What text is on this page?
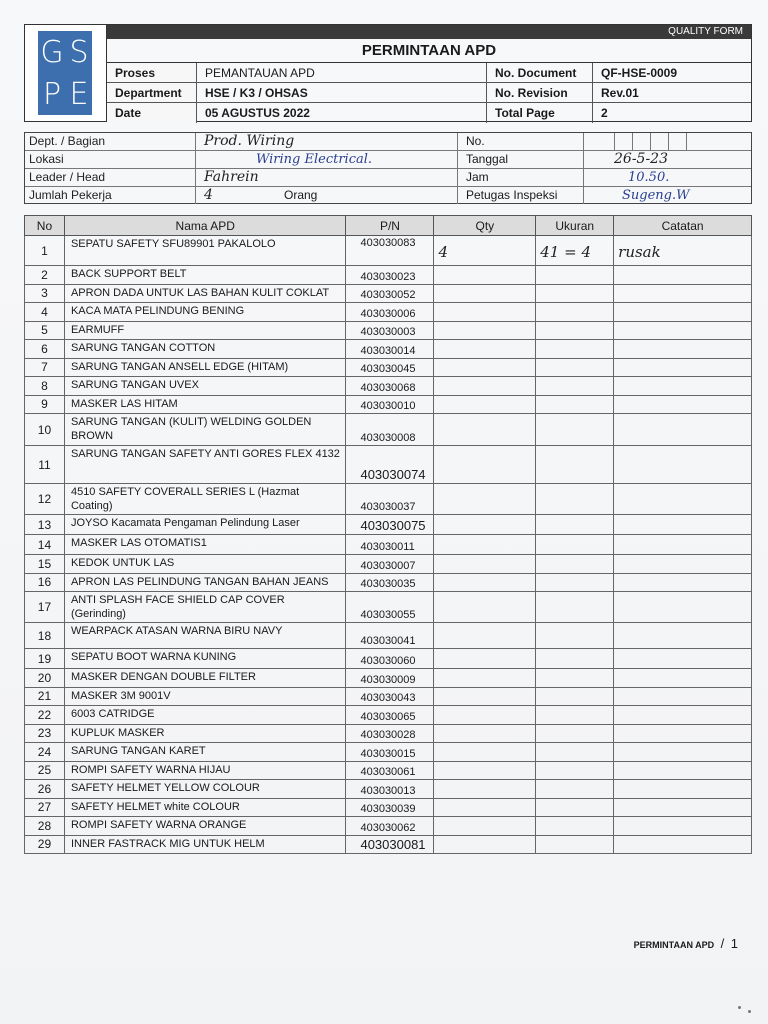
G S
P E
QUALITY FORM
PERMINTAAN APD
Proses	PEMANTAUAN APD	No. Document	QF-HSE-0009
Department	HSE / K3 / OHSAS	No. Revision	Rev.01
Date	05 AGUSTUS 2022	Total Page	2
Dept. / Bagian	Prod. Wiring	No.
Lokasi	Wiring Electrical.	Tanggal	26-5-23
Leader / Head	Fahrein	Jam	10.50.
Jumlah Pekerja	4	Orang	Petugas Inspeksi	Sugeng.W
No	Nama APD	P/N	Qty	Ukuran	Catatan
1	SEPATU SAFETY SFU89901 PAKALOLO	403030083	4	41 = 4	rusak

2	BACK SUPPORT BELT	403030023			
3	APRON DADA UNTUK LAS BAHAN KULIT COKLAT	403030052			
4	KACA MATA PELINDUNG BENING	403030006			
5	EARMUFF	403030003			
6	SARUNG TANGAN COTTON	403030014			
7	SARUNG TANGAN ANSELL EDGE (HITAM)	403030045			
8	SARUNG TANGAN UVEX	403030068			
9	MASKER LAS HITAM	403030010			
10	SARUNG TANGAN (KULIT) WELDING GOLDEN BROWN	403030008			
11	SARUNG TANGAN SAFETY ANTI GORES FLEX 4132	403030074			
12	4510 SAFETY COVERALL SERIES L (Hazmat Coating)	403030037			
13	JOYSO Kacamata Pengaman Pelindung Laser	403030075			
14	MASKER LAS OTOMATIS1	403030011			
15	KEDOK UNTUK LAS	403030007			
16	APRON LAS PELINDUNG TANGAN BAHAN JEANS	403030035			
17	ANTI SPLASH FACE SHIELD CAP COVER (Gerinding)	403030055			
18	WEARPACK ATASAN WARNA BIRU NAVY	403030041			
19	SEPATU BOOT WARNA KUNING	403030060			
20	MASKER DENGAN DOUBLE FILTER	403030009			
21	MASKER 3M 9001V	403030043			
22	6003 CATRIDGE	403030065			
23	KUPLUK MASKER	403030028			
24	SARUNG TANGAN KARET	403030015			
25	ROMPI SAFETY WARNA HIJAU	403030061			
26	SAFETY HELMET YELLOW COLOUR	403030013			
27	SAFETY HELMET white COLOUR	403030039			
28	ROMPI SAFETY WARNA ORANGE	403030062			
29	INNER FASTRACK MIG UNTUK HELM	403030081			
PERMINTAAN APD / 1
